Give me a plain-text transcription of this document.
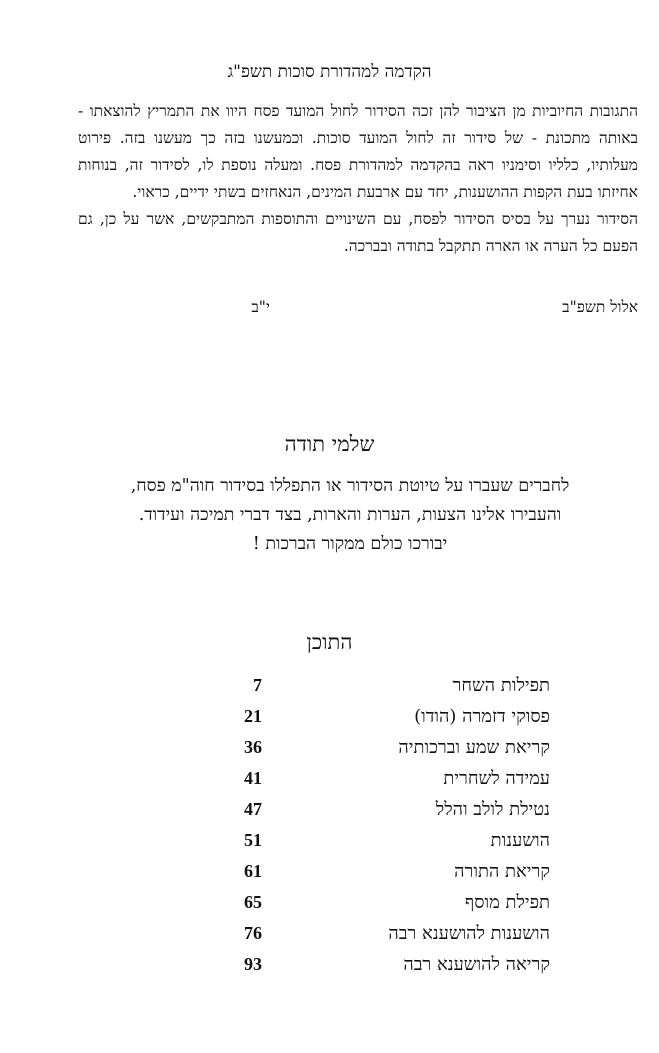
הקדמה למהדורת סוכות תשפ"ג

התגובות החיוביות מן הציבור להן זכה הסידור לחול המועד פסח היוו את התמריץ להוצאתו - באותה מתכונת - של סידור זה לחול המועד סוכות. וכמעשנו בזה כך מעשנו בזה. פירוט מעלותיו, כלליו וסימניו ראה בהקדמה למהדורת פסח. ומעלה נוספת לו, לסידור זה, בנוחות אחיזתו בעת הקפות ההושענות, יחד עם ארבעת המינים, הנאחזים בשתי ידיים, כראוי.

הסידור נערך על בסיס הסידור לפסח, עם השינויים והתוספות המתבקשים, אשר על כן, גם הפעם כל הערה או הארה תתקבל בתודה ובברכה.

אלול תשפ"ב
י"ב
שלמי תודה
לחברים שעברו על טיוטת הסידור או התפללו בסידור חוה"מ פסח,
והעבירו אלינו הצעות, הערות והארות, בצד דברי תמיכה ועידוד.
יבורכו כולם ממקור הברכות !
התוכן
תפילות השחר
7
פסוקי דזמרה (הודו)
21
קריאת שמע וברכותיה
36
עמידה לשחרית
41
נטילת לולב והלל
47
הושענות
51
קריאת התורה
61
תפילת מוסף
65
הושענות להושענא רבה
76
קריאה להושענא רבה
93
